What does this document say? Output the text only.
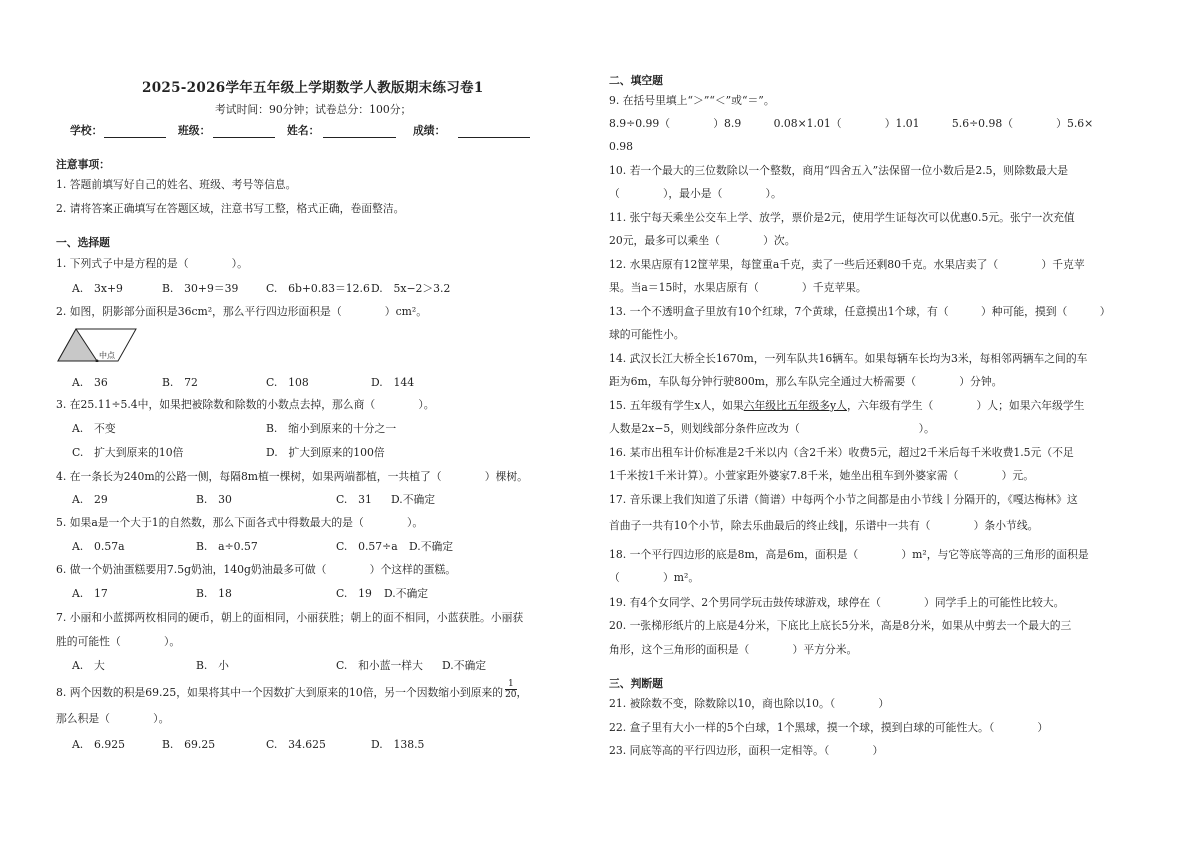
2025-2026学年五年级上学期数学人教版期末练习卷1
考试时间：90分钟；试卷总分：100分；
学校：	班级：	姓名：	成绩：
注意事项：
1. 答题前填写好自己的姓名、班级、考号等信息。
2. 请将答案正确填写在答题区域，注意书写工整，格式正确，卷面整洁。
一、选择题
1. 下列式子中是方程的是（　　　　）。
A.　3x+9	B.　30+9＝39	C.　6b+0.83＝12.6 D.　5x−2＞3.2
2. 如图，阴影部分面积是36cm²，那么平行四边形面积是（　　　　）cm²。
中点
A.　36	B.　72	C.　108	D.　144
3. 在25.11÷5.4中，如果把被除数和除数的小数点去掉，那么商（　　　　）。
A.　不变	B.　缩小到原来的十分之一
C.　扩大到原来的10倍	D.　扩大到原来的100倍
4. 在一条长为240m的公路一侧，每隔8m植一棵树，如果两端都植，一共植了（　　　　）棵树。
A.　29	B.　30	C.　31 D.不确定
5. 如果a是一个大于1的自然数，那么下面各式中得数最大的是（　　　　）。
A.　0.57a	B.　a÷0.57	C.　0.57÷a D.不确定
6. 做一个奶油蛋糕要用7.5g奶油，140g奶油最多可做（　　　　）个这样的蛋糕。
A.　17	B.　18	C.　19 D.不确定
7. 小丽和小蓝掷两枚相同的硬币，朝上的面相同，小丽获胜；朝上的面不相同，小蓝获胜。小丽获
胜的可能性（　　　　）。
A.　大	B.　小	C.　和小蓝一样大 D.不确定
8. 两个因数的积是69.25，如果将其中一个因数扩大到原来的10倍，另一个因数缩小到原来的 $\frac{1}{20}$ ，
那么积是（　　　　）。
A.　6.925	B.　69.25	C.　34.625	D.　138.5
二、填空题
9. 在括号里填上“＞”“＜”或“＝”。
8.9÷0.99（　　　　）8.9　　　0.08×1.01（　　　　）1.01　　　5.6÷0.98（　　　　）5.6×
0.98
10. 若一个最大的三位数除以一个整数，商用“四舍五入”法保留一位小数后是2.5，则除数最大是
（　　　　），最小是（　　　　）。
11. 张宁每天乘坐公交车上学、放学，票价是2元，使用学生证每次可以优惠0.5元。张宁一次充值
20元，最多可以乘坐（　　　　）次。
12. 水果店原有12筐苹果，每筐重a千克，卖了一些后还剩80千克。水果店卖了（　　　　）千克苹
果。当a＝15时，水果店原有（　　　　）千克苹果。
13. 一个不透明盒子里放有10个红球，7个黄球，任意摸出1个球，有（　　　）种可能，摸到（　　　）
球的可能性小。
14. 武汉长江大桥全长1670m，一列车队共16辆车。如果每辆车长均为3米，每相邻两辆车之间的车
距为6m，车队每分钟行驶800m，那么车队完全通过大桥需要（　　　　）分钟。
15. 五年级有学生x人，如果六年级比五年级多y人，六年级有学生（　　　　）人；如果六年级学生
人数是2x−5，则划线部分条件应改为（　　　　　　　　　　　）。
16. 某市出租车计价标准是2千米以内（含2千米）收费5元，超过2千米后每千米收费1.5元（不足
1千米按1千米计算）。小萱家距外婆家7.8千米，她坐出租车到外婆家需（　　　　）元。
17. 音乐课上我们知道了乐谱（简谱）中每两个小节之间都是由小节线丨分隔开的，《嘎达梅林》这
首曲子一共有10个小节，除去乐曲最后的终止线‖，乐谱中一共有（　　　　）条小节线。
18. 一个平行四边形的底是8m，高是6m，面积是（　　　　）m²，与它等底等高的三角形的面积是
（　　　　）m²。
19. 有4个女同学、2个男同学玩击鼓传球游戏，球停在（　　　　）同学手上的可能性比较大。
20. 一张梯形纸片的上底是4分米，下底比上底长5分米，高是8分米，如果从中剪去一个最大的三
角形，这个三角形的面积是（　　　　）平方分米。
三、判断题
21. 被除数不变，除数除以10，商也除以10。（　　　　）
22. 盒子里有大小一样的5个白球，1个黑球，摸一个球，摸到白球的可能性大。（　　　　）
23. 同底等高的平行四边形，面积一定相等。（　　　　）
